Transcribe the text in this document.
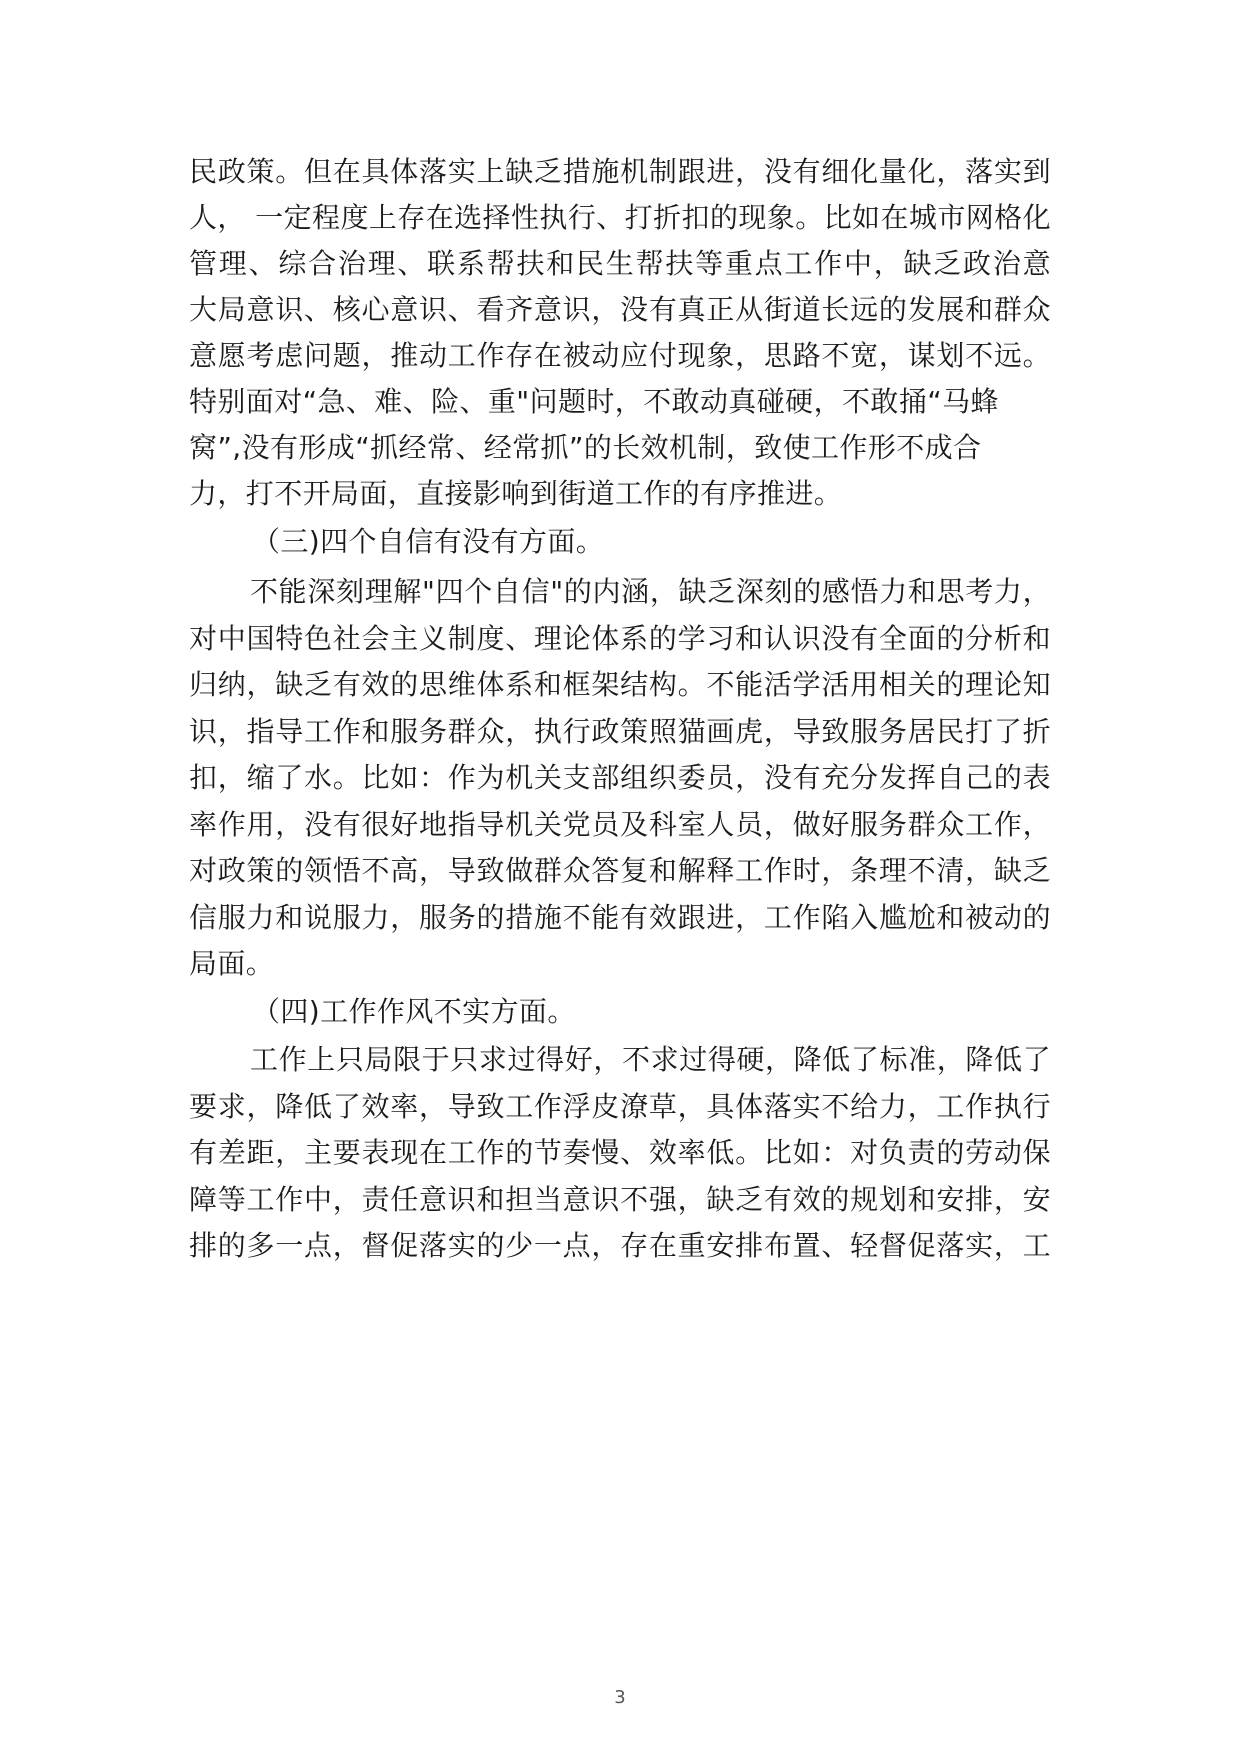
民政策。但在具体落实上缺乏措施机制跟进，没有细化量化，落实到
人， 一定程度上存在选择性执行、打折扣的现象。比如在城市网格化
管理、综合治理、联系帮扶和民生帮扶等重点工作中，缺乏政治意
大局意识、核心意识、看齐意识，没有真正从街道长远的发展和群众
意愿考虑问题，推动工作存在被动应付现象，思路不宽，谋划不远。
特别面对“急、难、险、重"问题时，不敢动真碰硬，不敢捅“马蜂
窝”,没有形成“抓经常、经常抓”的长效机制，致使工作形不成合
力，打不开局面，直接影响到街道工作的有序推进。
（三)四个自信有没有方面。
不能深刻理解"四个自信"的内涵，缺乏深刻的感悟力和思考力，
对中国特色社会主义制度、理论体系的学习和认识没有全面的分析和
归纳，缺乏有效的思维体系和框架结构。不能活学活用相关的理论知
识，指导工作和服务群众，执行政策照猫画虎，导致服务居民打了折
扣，缩了水。比如：作为机关支部组织委员，没有充分发挥自己的表
率作用，没有很好地指导机关党员及科室人员，做好服务群众工作，
对政策的领悟不高，导致做群众答复和解释工作时，条理不清，缺乏
信服力和说服力，服务的措施不能有效跟进，工作陷入尴尬和被动的
局面。
（四)工作作风不实方面。
工作上只局限于只求过得好，不求过得硬，降低了标准，降低了
要求，降低了效率，导致工作浮皮潦草，具体落实不给力，工作执行
有差距，主要表现在工作的节奏慢、效率低。比如：对负责的劳动保
障等工作中，责任意识和担当意识不强，缺乏有效的规划和安排，安
排的多一点，督促落实的少一点，存在重安排布置、轻督促落实，工
3
